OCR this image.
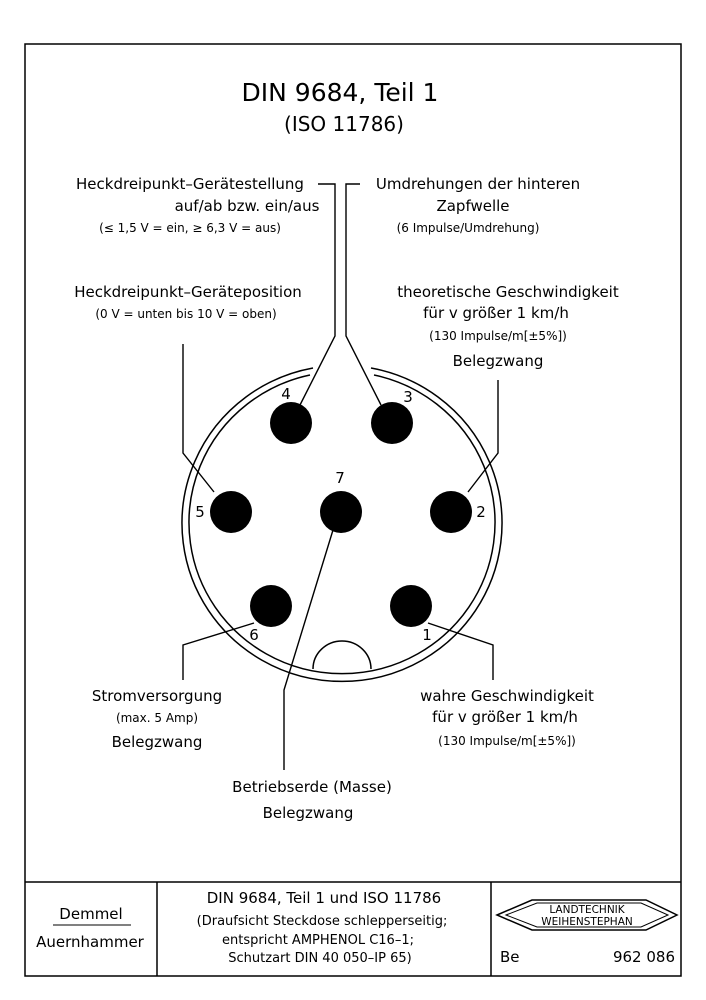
DIN 9684, Teil 1
(ISO 11786)
4	3
5
7
2
6	1
Heckdreipunkt–Gerätestellung
auf/ab bzw. ein/aus
(≤ 1,5 V = ein, ≥ 6,3 V = aus)
Umdrehungen der hinteren
Zapfwelle
(6 Impulse/Umdrehung)
Heckdreipunkt–Geräteposition
(0 V = unten bis 10 V = oben)
theoretische Geschwindigkeit
für v größer 1 km/h
(130 Impulse/m[±5%])
Belegzwang
Stromversorgung
(max. 5 Amp)
Belegzwang
wahre Geschwindigkeit
für v größer 1 km/h
(130 Impulse/m[±5%])
Betriebserde (Masse)
Belegzwang
Demmel
Auernhammer
DIN 9684, Teil 1 und ISO 11786
(Draufsicht Steckdose schlepperseitig;
entspricht AMPHENOL C16–1;
Schutzart DIN 40 050–IP 65)
LANDTECHNIK
WEIHENSTEPHAN
Be	962 086
